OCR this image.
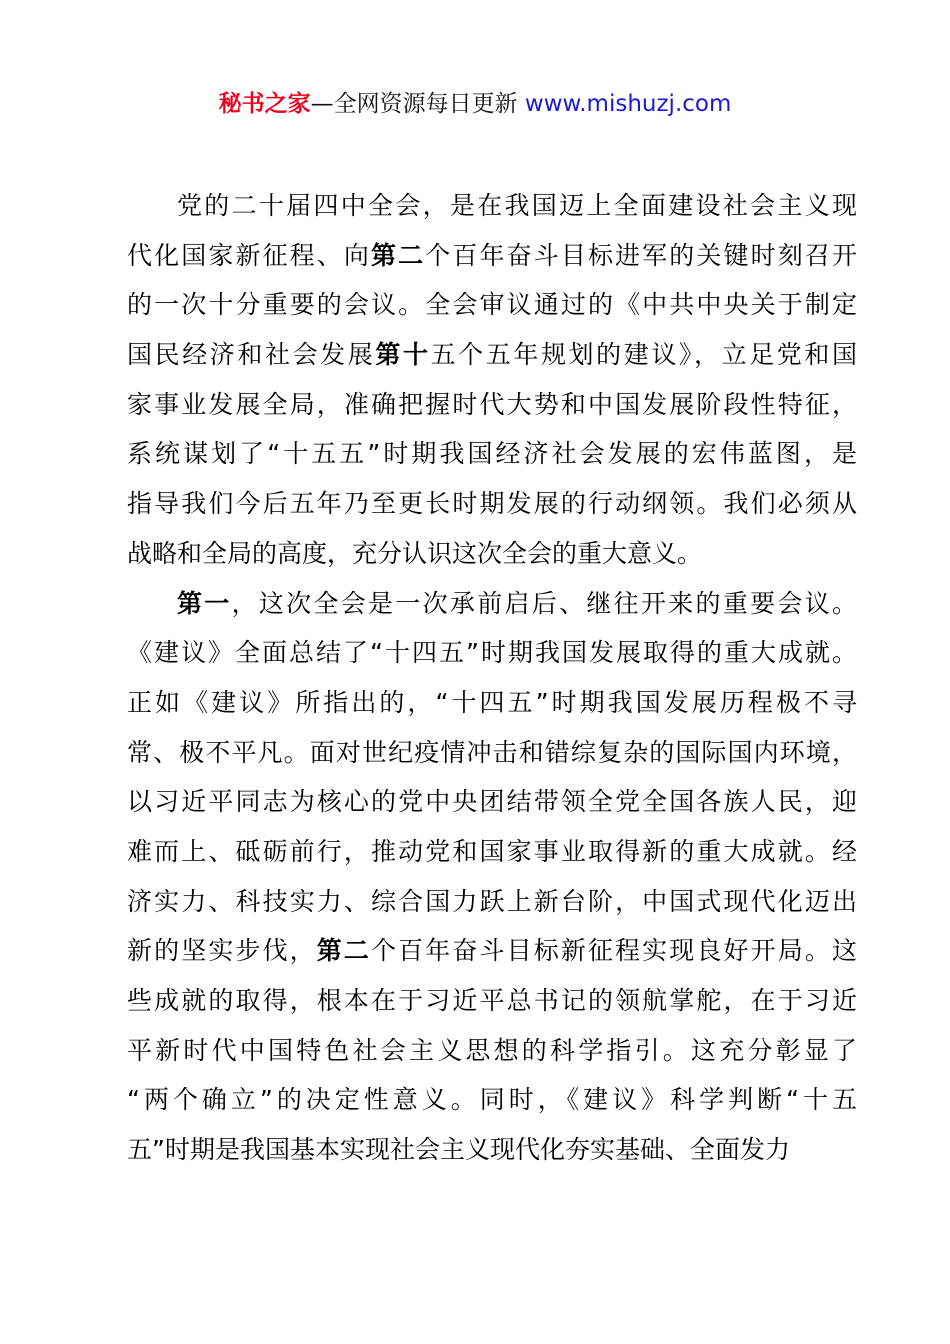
秘书之家—全网资源每日更新 www.mishuzj.com
党的二十届四中全会，是在我国迈上全面建设社会主义现
代化国家新征程、向第二个百年奋斗目标进军的关键时刻召开
的一次十分重要的会议。全会审议通过的《中共中央关于制定
国民经济和社会发展第十五个五年规划的建议》，立足党和国
家事业发展全局，准确把握时代大势和中国发展阶段性特征，
系统谋划了“十五五”时期我国经济社会发展的宏伟蓝图，是
指导我们今后五年乃至更长时期发展的行动纲领。我们必须从
战略和全局的高度，充分认识这次全会的重大意义。
第一，这次全会是一次承前启后、继往开来的重要会议。
《建议》全面总结了“十四五”时期我国发展取得的重大成就。
正如《建议》所指出的，“十四五”时期我国发展历程极不寻
常、极不平凡。面对世纪疫情冲击和错综复杂的国际国内环境，
以习近平同志为核心的党中央团结带领全党全国各族人民，迎
难而上、砥砺前行，推动党和国家事业取得新的重大成就。经
济实力、科技实力、综合国力跃上新台阶，中国式现代化迈出
新的坚实步伐，第二个百年奋斗目标新征程实现良好开局。这
些成就的取得，根本在于习近平总书记的领航掌舵，在于习近
平新时代中国特色社会主义思想的科学指引。这充分彰显了
“两个确立”的决定性意义。同时，《建议》科学判断“十五
五”时期是我国基本实现社会主义现代化夯实基础、全面发力
